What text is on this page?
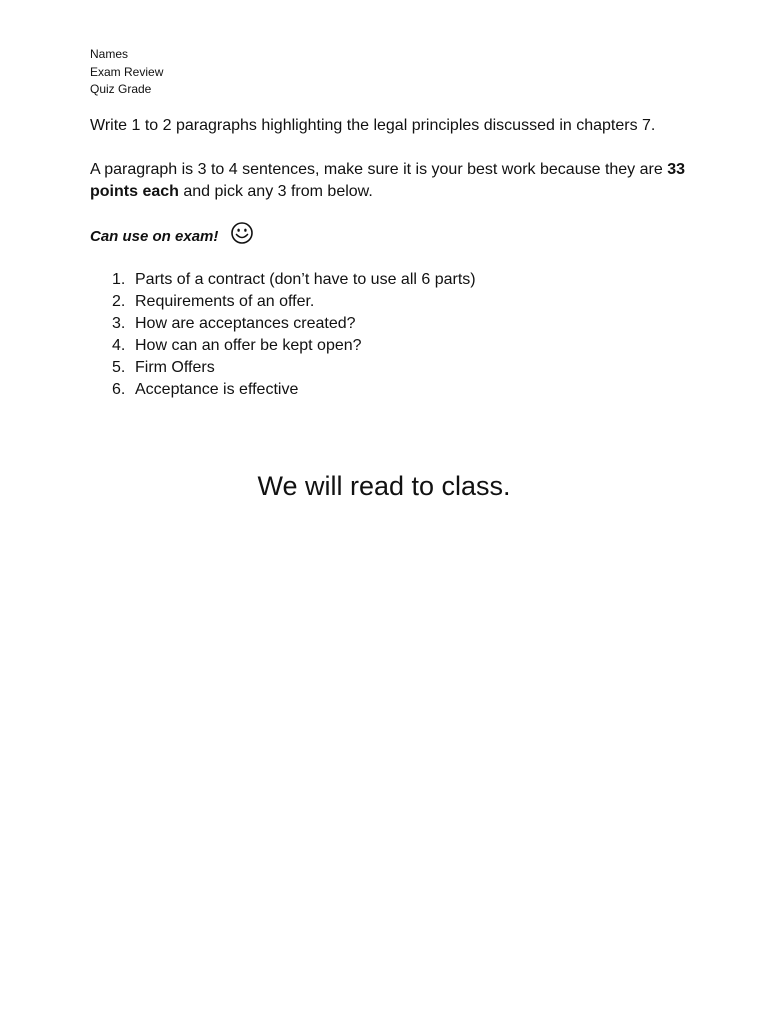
Names

Exam Review

Quiz Grade

Write 1 to 2 paragraphs highlighting the legal principles discussed in chapters 7.

A paragraph is 3 to 4 sentences, make sure it is your best work because they are 33 points each and pick any 3 from below.

Can use on exam!

1. Parts of a contract (don’t have to use all 6 parts)
2. Requirements of an offer.
3. How are acceptances created?
4. How can an offer be kept open?
5. Firm Offers
6. Acceptance is effective

We will read to class.
